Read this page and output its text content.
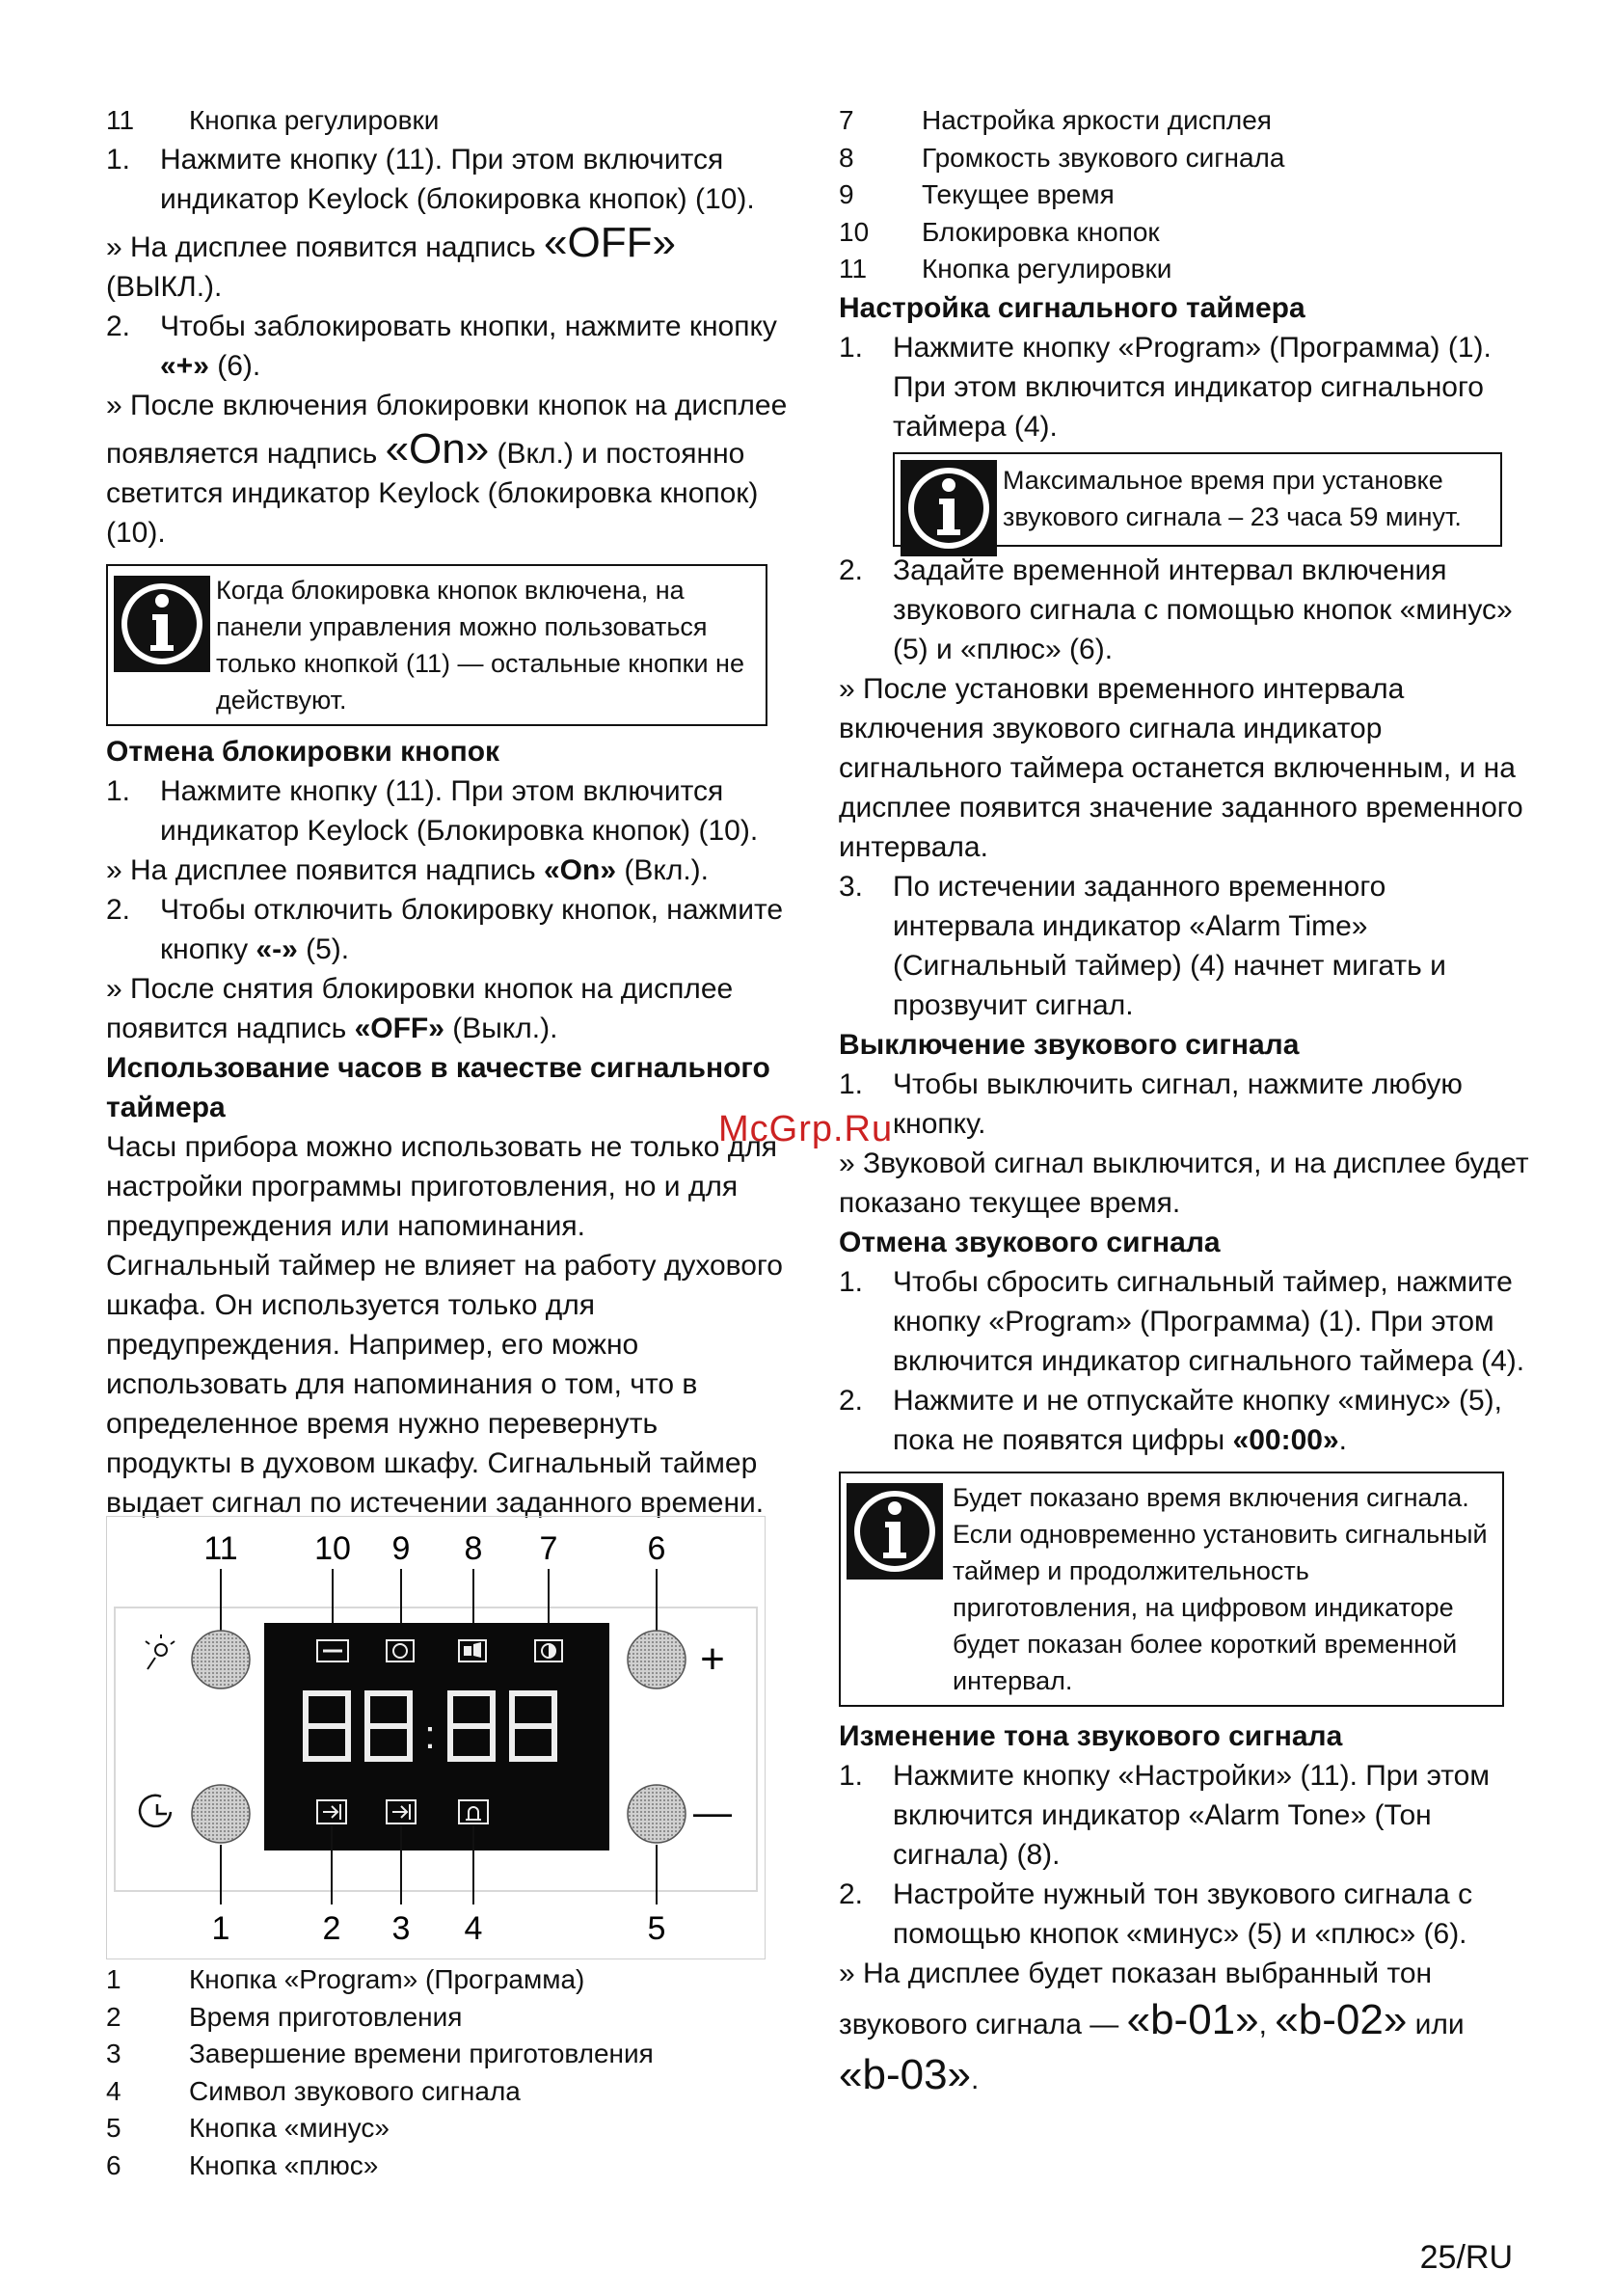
11 Кнопка регулировки
1. Нажмите кнопку (11). При этом включится индикатор Keylock (блокировка кнопок) (10).

» На дисплее появится надпись «OFF» (ВЫКЛ.).

2. Чтобы заблокировать кнопки, нажмите кнопку «+» (6).

» После включения блокировки кнопок на дисплее

появляется надпись «On» (Вкл.) и постоянно светится индикатор Keylock (блокировка кнопок) (10).

Когда блокировка кнопок включена, на панели управления можно пользоваться только кнопкой (11) — остальные кнопки не действуют.

Отмена блокировки кнопок

1. Нажмите кнопку (11). При этом включится индикатор Keylock (Блокировка кнопок) (10).

» На дисплее появится надпись «On» (Вкл.).

2. Чтобы отключить блокировку кнопок, нажмите кнопку «-» (5).

» После снятия блокировки кнопок на дисплее появится надпись «OFF» (Выкл.).

Использование часов в качестве сигнального таймера

Часы прибора можно использовать не только для настройки программы приготовления, но и для предупреждения или напоминания.

Сигнальный таймер не влияет на работу духового шкафа. Он используется только для предупреждения. Например, его можно использовать для напоминания о том, что в определенное время нужно перевернуть продукты в духовом шкафу. Сигнальный таймер выдает сигнал по истечении заданного времени.

11 10 9 8 7	6
:
+
—
1	2 3 4	5
1	Кнопка «Program» (Программа)
2	Время приготовления
3	Завершение времени приготовления
4	Символ звукового сигнала
5	Кнопка «минус»
6	Кнопка «плюс»
7	Настройка яркости дисплея
8	Громкость звукового сигнала
9	Текущее время
10 Блокировка кнопок
11 Кнопка регулировки

Настройка сигнального таймера

1. Нажмите кнопку «Program» (Программа) (1). При этом включится индикатор сигнального таймера (4).
Максимальное время при установке звукового сигнала – 23 часа 59 минут.
2. Задайте временной интервал включения звукового сигнала с помощью кнопок «минус» (5) и «плюс» (6).

» После установки временного интервала включения звукового сигнала индикатор сигнального таймера останется включенным, и на дисплее появится значение заданного временного интервала.

3. По истечении заданного временного интервала индикатор «Alarm Time» (Сигнальный таймер) (4) начнет мигать и прозвучит сигнал.

Выключение звукового сигнала

1. Чтобы выключить сигнал, нажмите любую кнопку.

» Звуковой сигнал выключится, и на дисплее будет показано текущее время.

Отмена звукового сигнала

1. Чтобы сбросить сигнальный таймер, нажмите кнопку «Program» (Программа) (1). При этом включится индикатор сигнального таймера (4).
2. Нажмите и не отпускайте кнопку «минус» (5), пока не появятся цифры «00:00».
Будет показано время включения сигнала. Если одновременно установить сигнальный таймер и продолжительность приготовления, на цифровом индикаторе будет показан более короткий временной интервал.

Изменение тона звукового сигнала

1. Нажмите кнопку «Настройки» (11). При этом включится индикатор «Alarm Tone» (Тон сигнала) (8).
2. Настройте нужный тон звукового сигнала с помощью кнопок «минус» (5) и «плюс» (6).

» На дисплее будет показан выбранный тон

звукового сигнала — «b-01», «b-02» или
«b-03».

McGrp.Ru
25/RU
